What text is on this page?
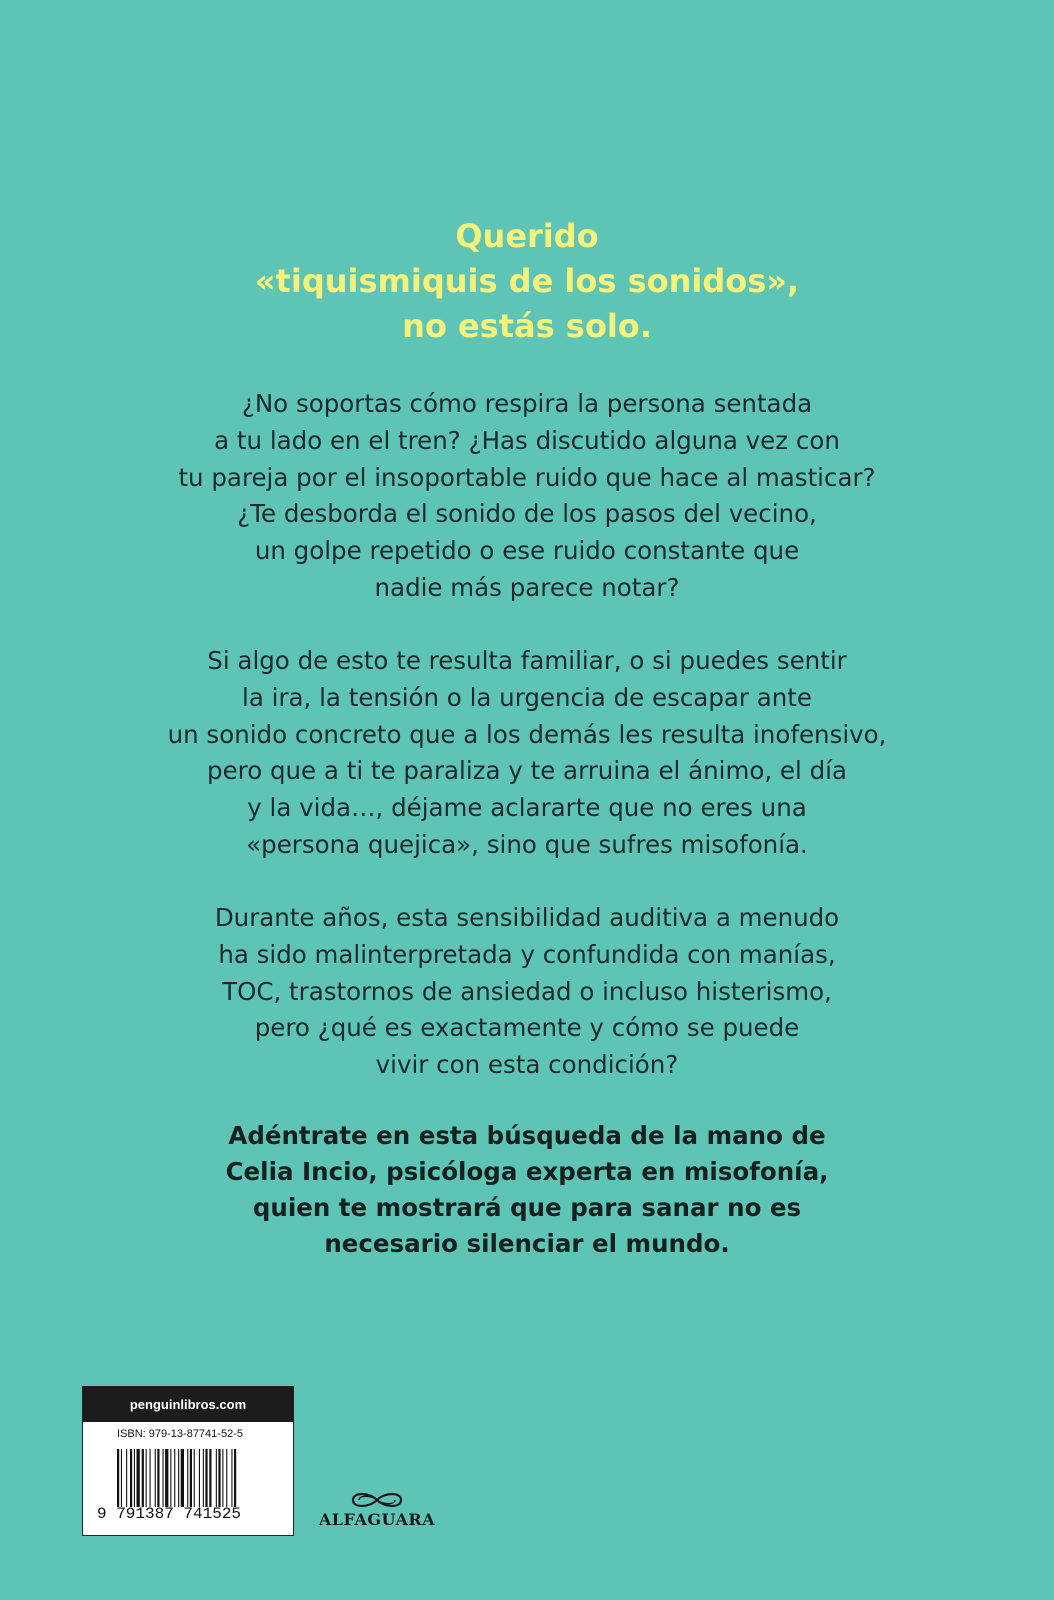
Querido
«tiquismiquis de los sonidos»,
no estás solo.
¿No soportas cómo respira la persona sentada
a tu lado en el tren? ¿Has discutido alguna vez con
tu pareja por el insoportable ruido que hace al masticar?
¿Te desborda el sonido de los pasos del vecino,
un golpe repetido o ese ruido constante que
nadie más parece notar?
Si algo de esto te resulta familiar, o si puedes sentir
la ira, la tensión o la urgencia de escapar ante
un sonido concreto que a los demás les resulta inofensivo,
pero que a ti te paraliza y te arruina el ánimo, el día
y la vida…, déjame aclararte que no eres una
«persona quejica», sino que sufres misofonía.
Durante años, esta sensibilidad auditiva a menudo
ha sido malinterpretada y confundida con manías,
TOC, trastornos de ansiedad o incluso histerismo,
pero ¿qué es exactamente y cómo se puede
vivir con esta condición?
Adéntrate en esta búsqueda de la mano de
Celia Incio, psicóloga experta en misofonía,
quien te mostrará que para sanar no es
necesario silenciar el mundo.
penguinlibros.com
ISBN: 979-13-87741-52-5
9 791387 741525	ALFAGUARA
